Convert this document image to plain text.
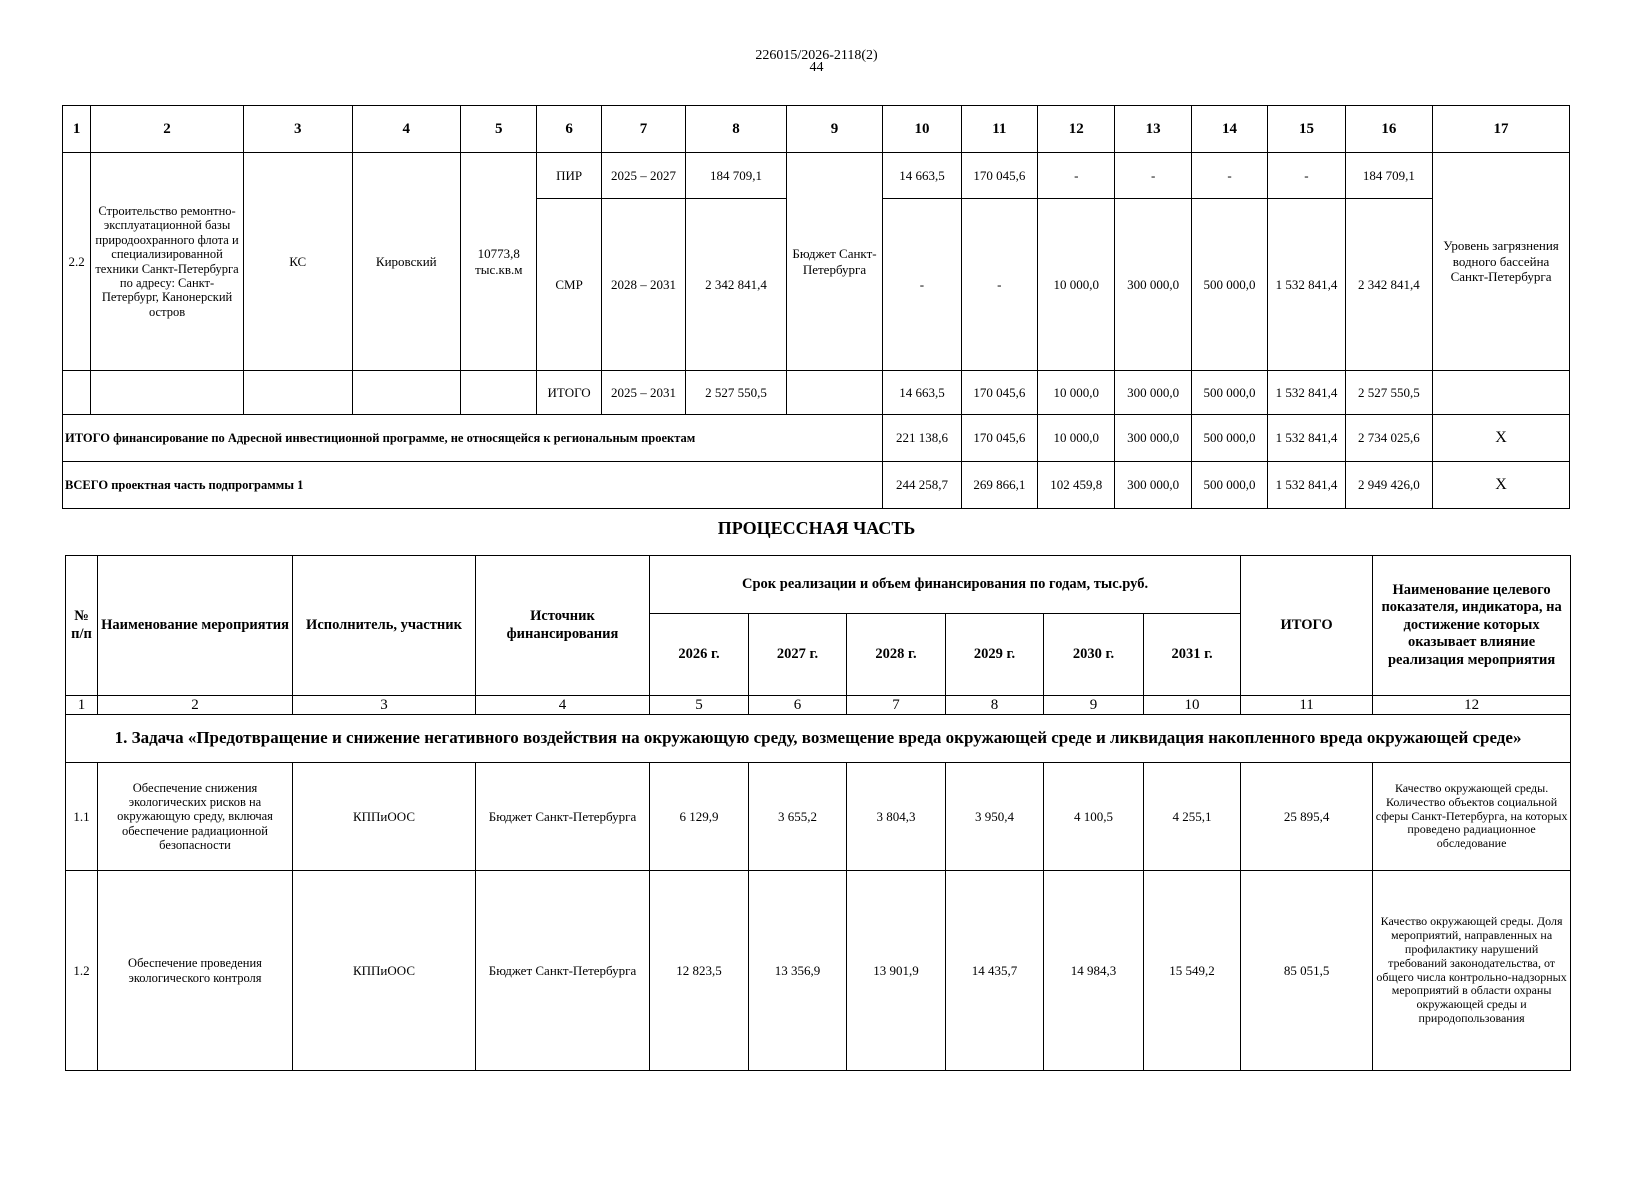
226015/2026-2118(2)
44
1	2	3	4	5	6	7	8	9	10	11	12	13	14	15	16	17
2.2	Строительство ремонтно-эксплуатационной базы природоохранного флота и специализированной техники Санкт-Петербурга по адресу: Санкт-Петербург, Канонерский остров	КС	Кировский	10773,8 тыс.кв.м	ПИР	2025 – 2027	184 709,1	Бюджет Санкт-Петербурга	14 663,5	170 045,6	-	-	-	-	184 709,1	Уровень загрязнения водного бассейна Санкт-Петербурга
					СМР	2028 – 2031	2 342 841,4		-	-	10 000,0	300 000,0	500 000,0	1 532 841,4	2 342 841,4	
					ИТОГО	2025 – 2031	2 527 550,5		14 663,5	170 045,6	10 000,0	300 000,0	500 000,0	1 532 841,4	2 527 550,5	
ИТОГО финансирование по Адресной инвестиционной программе, не относящейся к региональным проектам									221 138,6	170 045,6	10 000,0	300 000,0	500 000,0	1 532 841,4	2 734 025,6	X
ВСЕГО проектная часть подпрограммы 1									244 258,7	269 866,1	102 459,8	300 000,0	500 000,0	1 532 841,4	2 949 426,0	X
ПРОЦЕССНАЯ ЧАСТЬ
№ п/п	Наименование мероприятия	Исполнитель, участник	Источник финансирования	Срок реализации и объем финансирования по годам, тыс.руб.						ИТОГО	Наименование целевого показателя, индикатора, на достижение которых оказывает влияние реализация мероприятия
				2026 г.	2027 г.	2028 г.	2029 г.	2030 г.	2031 г.		
1	2	3	4	5	6	7	8	9	10	11	12
1. Задача «Предотвращение и снижение негативного воздействия на окружающую среду, возмещение вреда окружающей среде и ликвидация накопленного вреда окружающей среде»											
1.1	Обеспечение снижения экологических рисков на окружающую среду, включая обеспечение радиационной безопасности	КППиООС	Бюджет Санкт-Петербурга	6 129,9	3 655,2	3 804,3	3 950,4	4 100,5	4 255,1	25 895,4	Качество окружающей среды. Количество объектов социальной сферы Санкт-Петербурга, на которых проведено радиационное обследование
1.2	Обеспечение проведения экологического контроля	КППиООС	Бюджет Санкт-Петербурга	12 823,5	13 356,9	13 901,9	14 435,7	14 984,3	15 549,2	85 051,5	Качество окружающей среды. Доля мероприятий, направленных на профилактику нарушений требований законодательства, от общего числа контрольно-надзорных мероприятий в области охраны окружающей среды и природопользования
